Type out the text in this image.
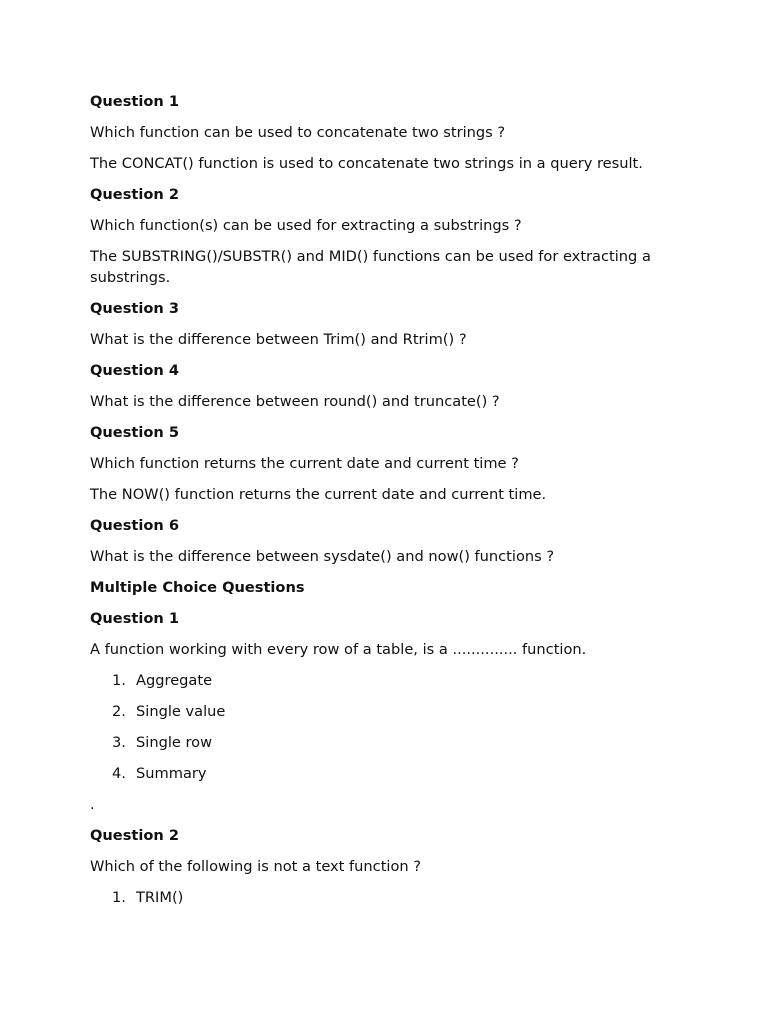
Question 1
Which function can be used to concatenate two strings ?
The CONCAT() function is used to concatenate two strings in a query result.
Question 2
Which function(s) can be used for extracting a substrings ?
The SUBSTRING()/SUBSTR() and MID() functions can be used for extracting a substrings.
Question 3
What is the difference between Trim() and Rtrim() ?
Question 4
What is the difference between round() and truncate() ?
Question 5
Which function returns the current date and current time ?
The NOW() function returns the current date and current time.
Question 6
What is the difference between sysdate() and now() functions ?
Multiple Choice Questions
Question 1
A function working with every row of a table, is a .............. function.
1. Aggregate
2. Single value
3. Single row
4. Summary
.
Question 2
Which of the following is not a text function ?
1. TRIM()
